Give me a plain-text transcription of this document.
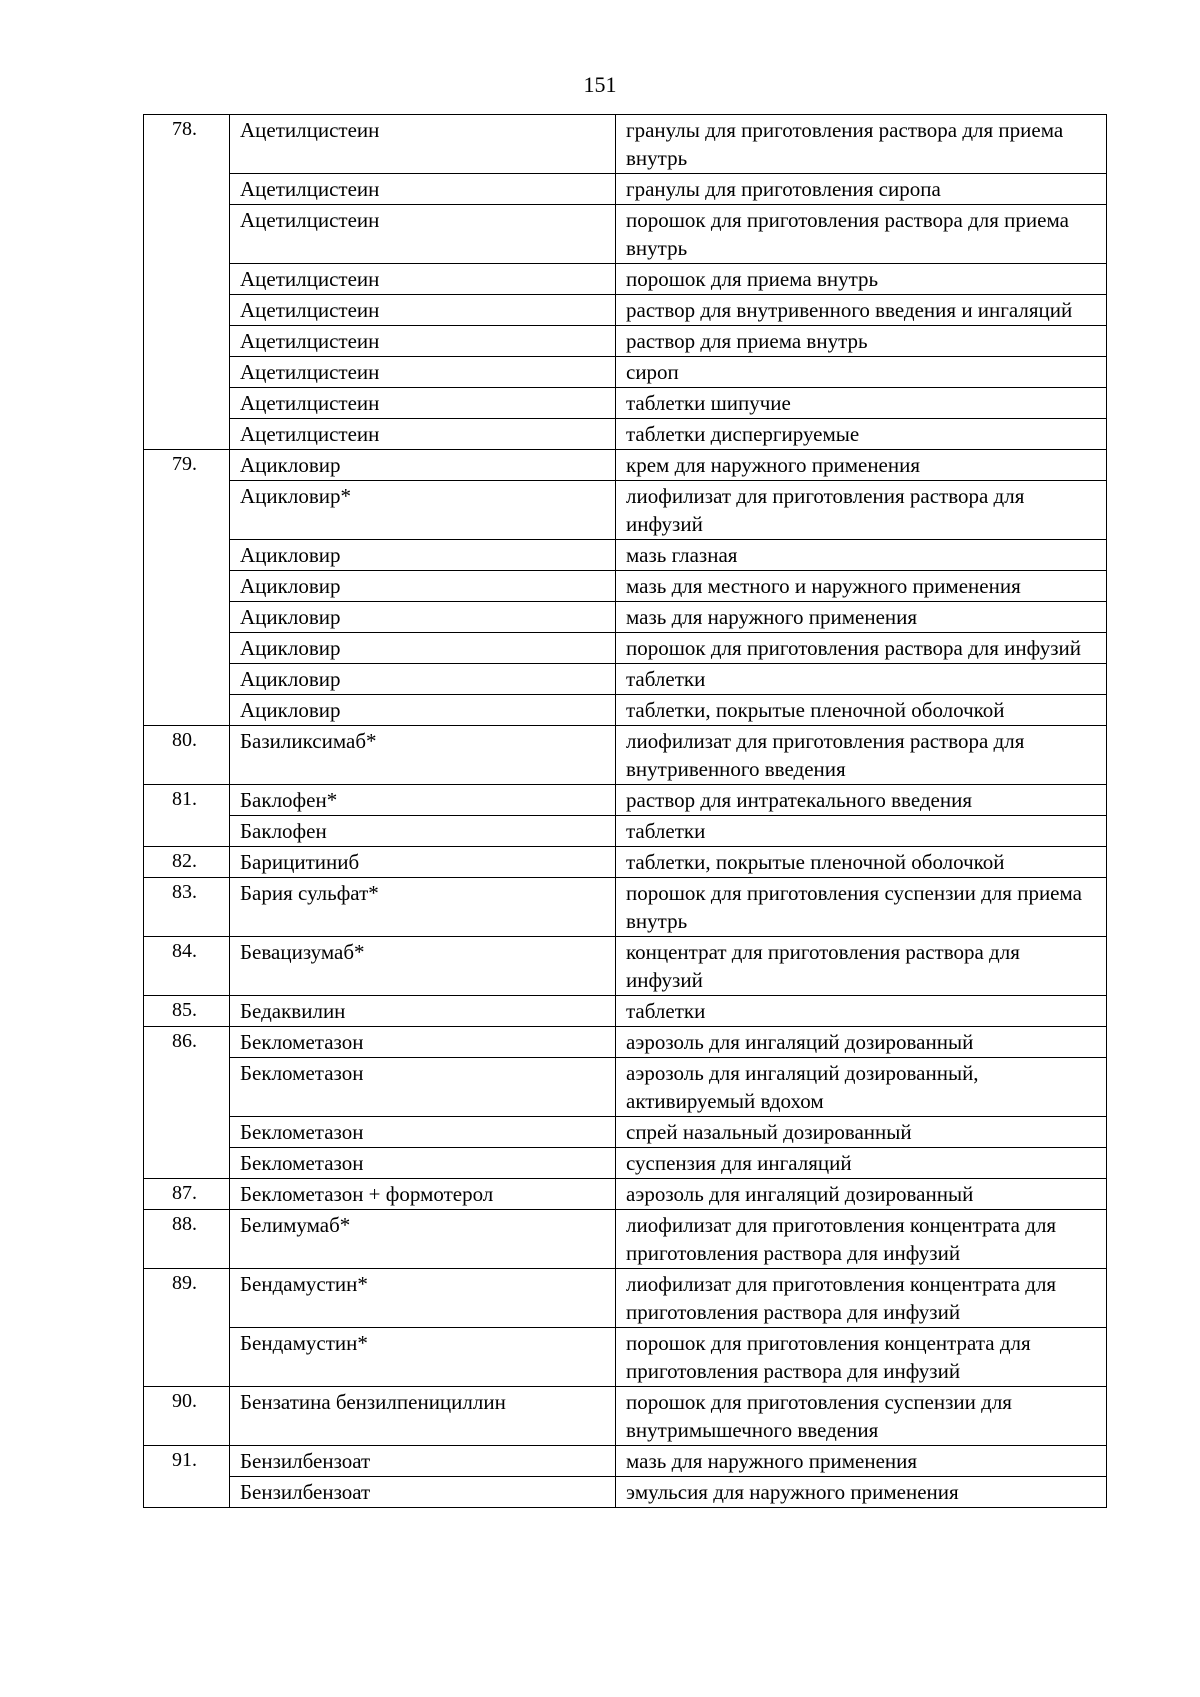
151
78.	Ацетилцистеин	гранулы для приготовления раствора для приема внутрь
	Ацетилцистеин	гранулы для приготовления сиропа
	Ацетилцистеин	порошок для приготовления раствора для приема внутрь
	Ацетилцистеин	порошок для приема внутрь
	Ацетилцистеин	раствор для внутривенного введения и ингаляций
	Ацетилцистеин	раствор для приема внутрь
	Ацетилцистеин	сироп
	Ацетилцистеин	таблетки шипучие
	Ацетилцистеин	таблетки диспергируемые
79.	Ацикловир	крем для наружного применения
	Ацикловир*	лиофилизат для приготовления раствора для инфузий
	Ацикловир	мазь глазная
	Ацикловир	мазь для местного и наружного применения
	Ацикловир	мазь для наружного применения
	Ацикловир	порошок для приготовления раствора для инфузий
	Ацикловир	таблетки
	Ацикловир	таблетки, покрытые пленочной оболочкой
80.	Базиликсимаб*	лиофилизат для приготовления раствора для внутривенного введения
81.	Баклофен*	раствор для интратекального введения
	Баклофен	таблетки
82.	Барицитиниб	таблетки, покрытые пленочной оболочкой
83.	Бария сульфат*	порошок для приготовления суспензии для приема внутрь
84.	Бевацизумаб*	концентрат для приготовления раствора для инфузий
85.	Бедаквилин	таблетки
86.	Беклометазон	аэрозоль для ингаляций дозированный
	Беклометазон	аэрозоль для ингаляций дозированный, активируемый вдохом
	Беклометазон	спрей назальный дозированный
	Беклометазон	суспензия для ингаляций
87.	Беклометазон + формотерол	аэрозоль для ингаляций дозированный
88.	Белимумаб*	лиофилизат для приготовления концентрата для приготовления раствора для инфузий
89.	Бендамустин*	лиофилизат для приготовления концентрата для приготовления раствора для инфузий
	Бендамустин*	порошок для приготовления концентрата для приготовления раствора для инфузий
90.	Бензатина бензилпенициллин	порошок для приготовления суспензии для внутримышечного введения
91.	Бензилбензоат	мазь для наружного применения
	Бензилбензоат	эмульсия для наружного применения
